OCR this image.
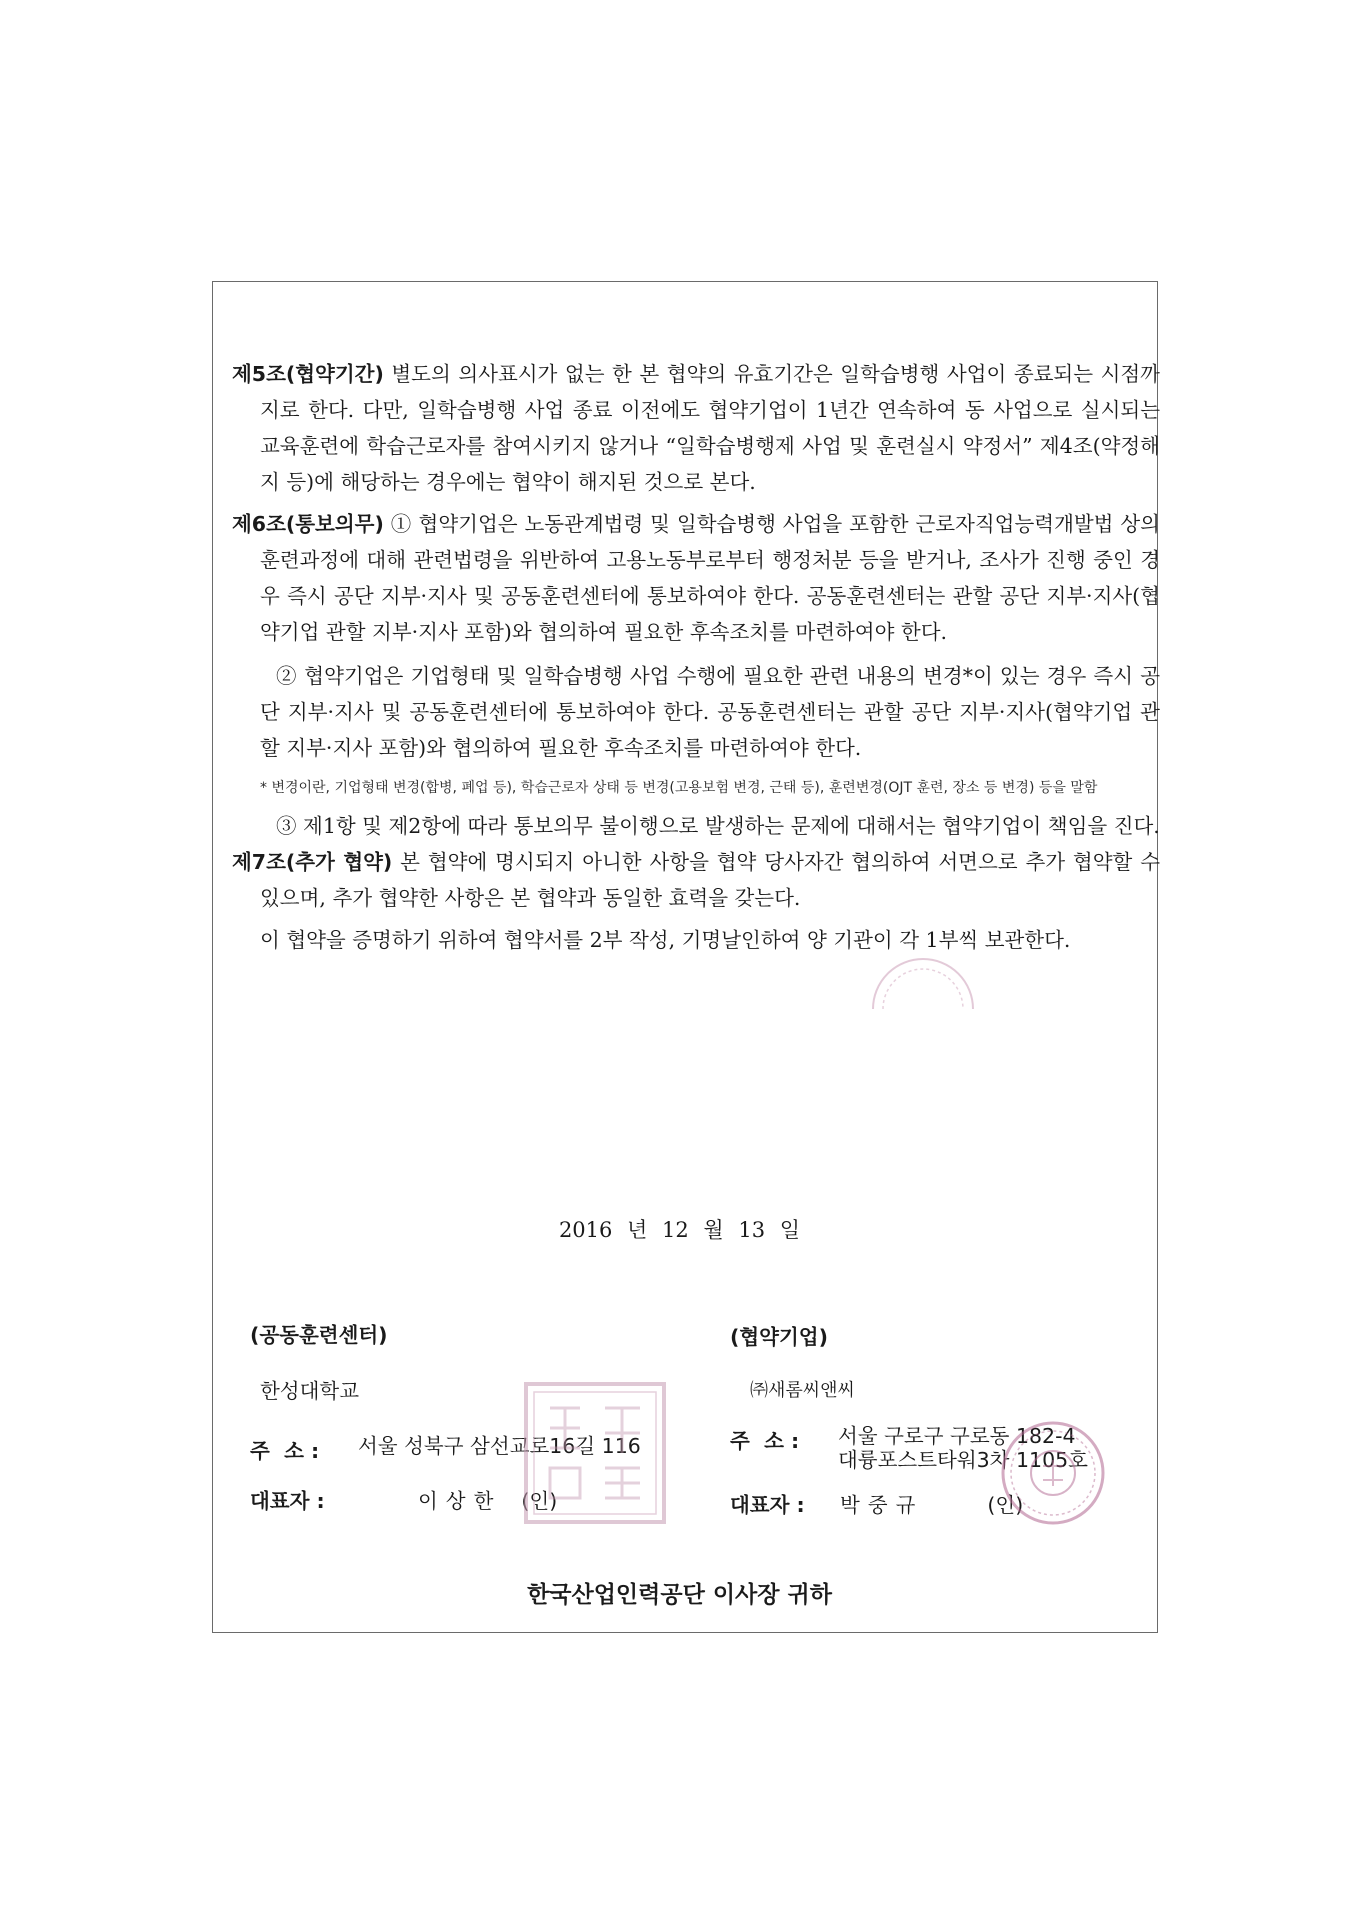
제5조(협약기간) 별도의 의사표시가 없는 한 본 협약의 유효기간은 일학습병행 사업이 종료되는 시점까지로 한다. 다만, 일학습병행 사업 종료 이전에도 협약기업이 1년간 연속하여 동 사업으로 실시되는 교육훈련에 학습근로자를 참여시키지 않거나 “일학습병행제 사업 및 훈련실시 약정서” 제4조(약정해지 등)에 해당하는 경우에는 협약이 해지된 것으로 본다.

제6조(통보의무) ① 협약기업은 노동관계법령 및 일학습병행 사업을 포함한 근로자직업능력개발법 상의 훈련과정에 대해 관련법령을 위반하여 고용노동부로부터 행정처분 등을 받거나, 조사가 진행 중인 경우 즉시 공단 지부·지사 및 공동훈련센터에 통보하여야 한다. 공동훈련센터는 관할 공단 지부·지사(협약기업 관할 지부·지사 포함)와 협의하여 필요한 후속조치를 마련하여야 한다.

② 협약기업은 기업형태 및 일학습병행 사업 수행에 필요한 관련 내용의 변경*이 있는 경우 즉시 공단 지부·지사 및 공동훈련센터에 통보하여야 한다. 공동훈련센터는 관할 공단 지부·지사(협약기업 관할 지부·지사 포함)와 협의하여 필요한 후속조치를 마련하여야 한다.

* 변경이란, 기업형태 변경(합병, 폐업 등), 학습근로자 상태 등 변경(고용보험 변경, 근태 등), 훈련변경(OJT 훈련, 장소 등 변경) 등을 말함

③ 제1항 및 제2항에 따라 통보의무 불이행으로 발생하는 문제에 대해서는 협약기업이 책임을 진다.

제7조(추가 협약) 본 협약에 명시되지 아니한 사항을 협약 당사자간 협의하여 서면으로 추가 협약할 수 있으며, 추가 협약한 사항은 본 협약과 동일한 효력을 갖는다.

이 협약을 증명하기 위하여 협약서를 2부 작성, 기명날인하여 양 기관이 각 1부씩 보관한다.

2016 년 12 월 13 일
(공동훈련센터)
한성대학교
주  소 :	서울 성북구 삼선교로16길 116
대표자 :	이상한 (인)
(협약기업)
㈜새롬씨앤씨
주  소 :	서울 구로구 구로동 182-4
대륭포스트타워3차 1105호
대표자 :	박중규	(인)
한국산업인력공단 이사장 귀하
